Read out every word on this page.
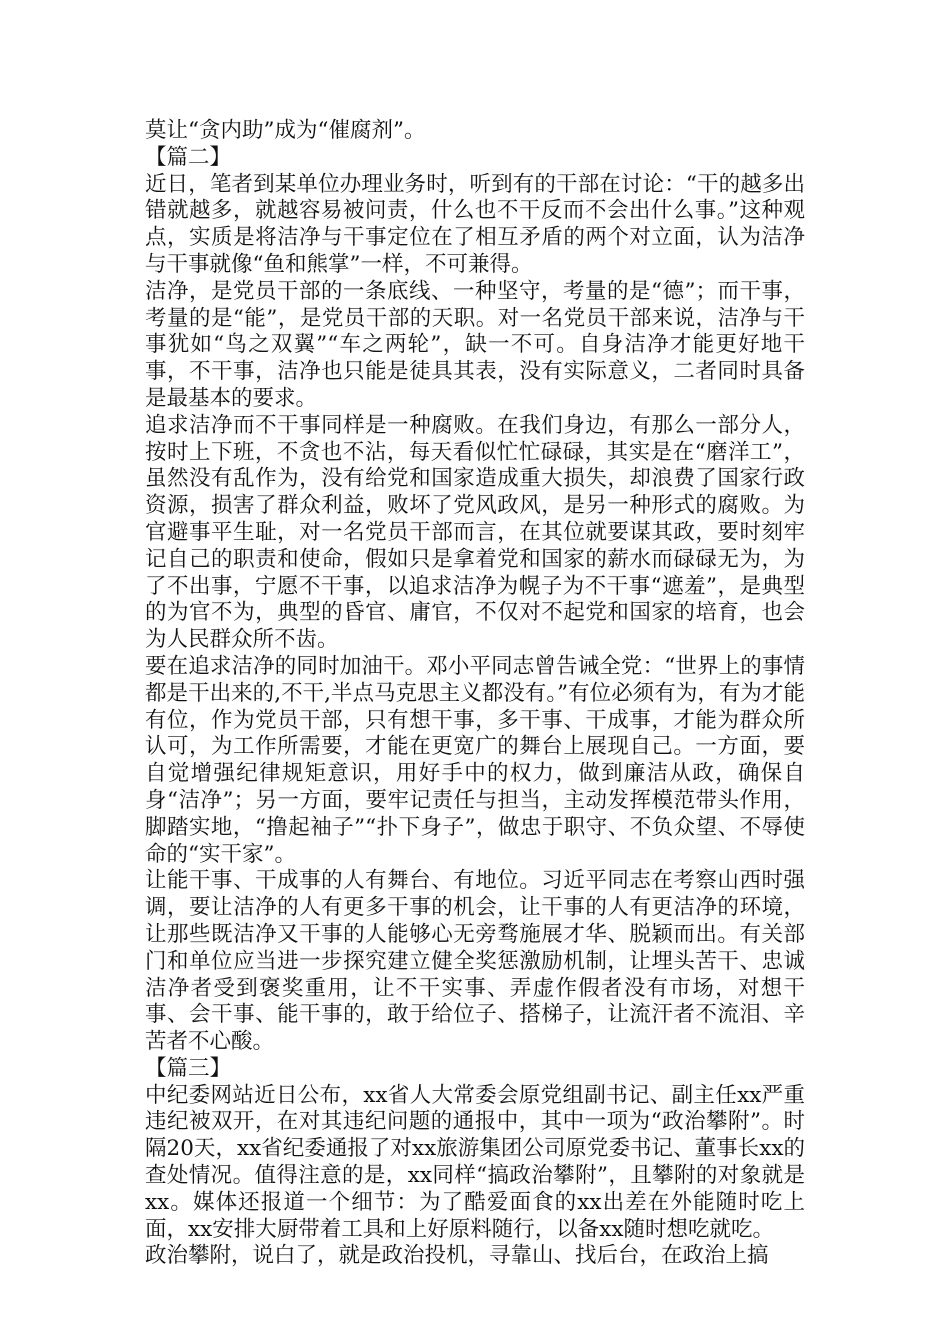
莫让“贪内助”成为“催腐剂”。

【篇二】

近日，笔者到某单位办理业务时，听到有的干部在讨论：“干的越多出错就越多，就越容易被问责，什么也不干反而不会出什么事。”这种观点，实质是将洁净与干事定位在了相互矛盾的两个对立面，认为洁净与干事就像“鱼和熊掌”一样，不可兼得。

洁净，是党员干部的一条底线、一种坚守，考量的是“德”；而干事，考量的是“能”，是党员干部的天职。对一名党员干部来说，洁净与干事犹如“鸟之双翼”“车之两轮”，缺一不可。自身洁净才能更好地干事，不干事，洁净也只能是徒具其表，没有实际意义，二者同时具备是最基本的要求。

追求洁净而不干事同样是一种腐败。在我们身边，有那么一部分人，按时上下班，不贪也不沾，每天看似忙忙碌碌，其实是在“磨洋工”，虽然没有乱作为，没有给党和国家造成重大损失，却浪费了国家行政资源，损害了群众利益，败坏了党风政风，是另一种形式的腐败。为官避事平生耻，对一名党员干部而言，在其位就要谋其政，要时刻牢记自己的职责和使命，假如只是拿着党和国家的薪水而碌碌无为，为了不出事，宁愿不干事，以追求洁净为幌子为不干事“遮羞”，是典型的为官不为，典型的昏官、庸官，不仅对不起党和国家的培育，也会为人民群众所不齿。

要在追求洁净的同时加油干。邓小平同志曾告诫全党：“世界上的事情都是干出来的,不干,半点马克思主义都没有。”有位必须有为，有为才能有位，作为党员干部，只有想干事，多干事、干成事，才能为群众所认可，为工作所需要，才能在更宽广的舞台上展现自己。一方面，要自觉增强纪律规矩意识，用好手中的权力，做到廉洁从政，确保自身“洁净”；另一方面，要牢记责任与担当，主动发挥模范带头作用，脚踏实地，“撸起袖子”“扑下身子”，做忠于职守、不负众望、不辱使命的“实干家”。

让能干事、干成事的人有舞台、有地位。习近平同志在考察山西时强调，要让洁净的人有更多干事的机会，让干事的人有更洁净的环境，让那些既洁净又干事的人能够心无旁骛施展才华、脱颖而出。有关部门和单位应当进一步探究建立健全奖惩激励机制，让埋头苦干、忠诚洁净者受到褒奖重用，让不干实事、弄虚作假者没有市场，对想干事、会干事、能干事的，敢于给位子、搭梯子，让流汗者不流泪、辛苦者不心酸。

【篇三】

中纪委网站近日公布，xx省人大常委会原党组副书记、副主任xx严重违纪被双开，在对其违纪问题的通报中，其中一项为“政治攀附”。时隔20天，xx省纪委通报了对xx旅游集团公司原党委书记、董事长xx的查处情况。值得注意的是，xx同样“搞政治攀附”，且攀附的对象就是xx。媒体还报道一个细节：为了酷爱面食的xx出差在外能随时吃上面，xx安排大厨带着工具和上好原料随行，以备xx随时想吃就吃。

政治攀附，说白了，就是政治投机，寻靠山、找后台，在政治上搞
